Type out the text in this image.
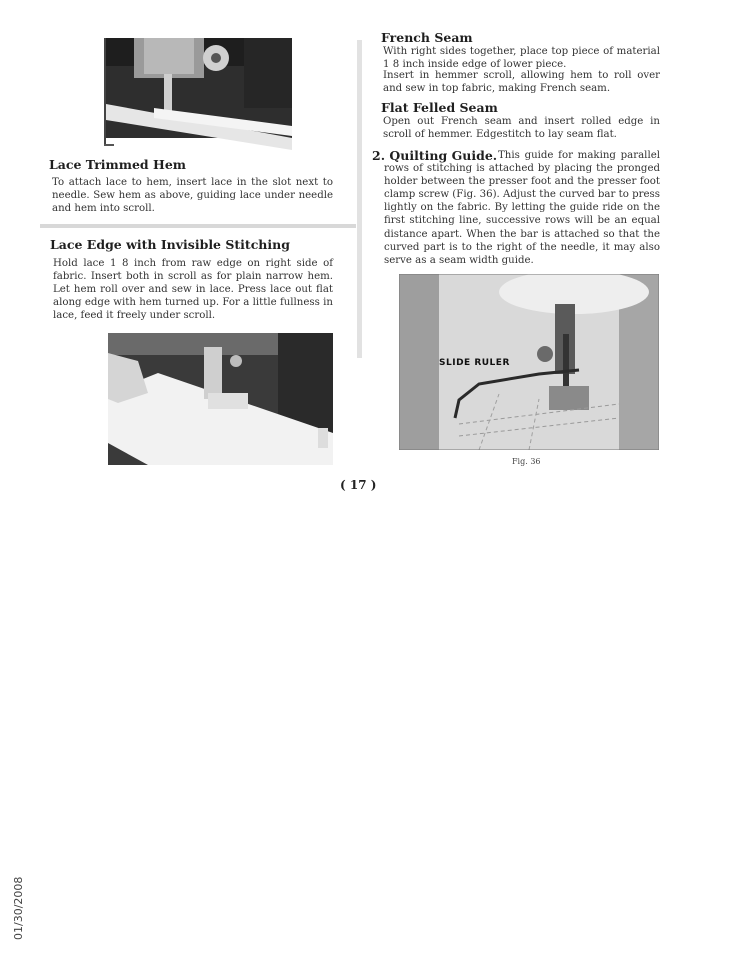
Lace Trimmed Hem

To attach lace to hem, insert lace in the slot next to needle. Sew hem as above, guiding lace under needle and hem into scroll.

Lace Edge with Invisible Stitching

Hold lace 1 8 inch from raw edge on right side of fabric. Insert both in scroll as for plain narrow hem. Let hem roll over and sew in lace. Press lace out flat along edge with hem turned up. For a little fullness in lace, feed it freely under scroll.

French Seam

With right sides together, place top piece of material 1 8 inch inside edge of lower piece.

Insert in hemmer scroll, allowing hem to roll over and sew in top fabric, making French seam.

Flat Felled Seam

Open out French seam and insert rolled edge in scroll of hemmer. Edgestitch to lay seam flat.

2. Quilting Guide. This guide for making parallel rows of stitching is attached by placing the pronged holder between the presser foot and the presser foot clamp screw (Fig. 36). Adjust the curved bar to press lightly on the fabric. By letting the guide ride on the first stitching line, successive rows will be an equal distance apart. When the bar is attached so that the curved part is to the right of the needle, it may also serve as a seam width guide.

SLIDE RULER
Fig. 36
( 17 )
01/30/2008
